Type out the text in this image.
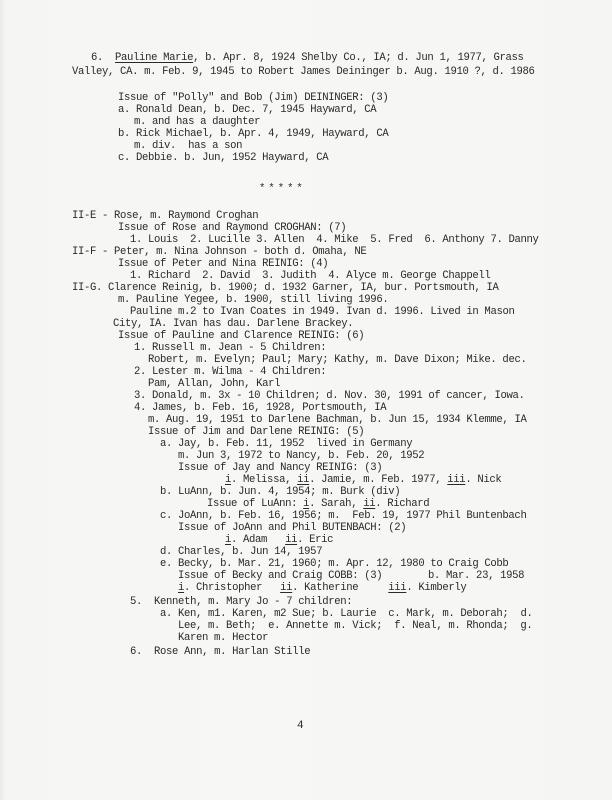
6. Pauline Marie, b. Apr. 8, 1924 Shelby Co., IA; d. Jun 1, 1977, Grass
Valley, CA. m. Feb. 9, 1945 to Robert James Deininger b. Aug. 1910 ?, d. 1986
Issue of "Polly" and Bob (Jim) DEININGER: (3)
a. Ronald Dean, b. Dec. 7, 1945 Hayward, CA
m. and has a daughter
b. Rick Michael, b. Apr. 4, 1949, Hayward, CA
m. div.  has a son
c. Debbie. b. Jun, 1952 Hayward, CA
*****
II-E - Rose, m. Raymond Croghan
Issue of Rose and Raymond CROGHAN: (7)
1. Louis  2. Lucille 3. Allen  4. Mike  5. Fred  6. Anthony 7. Danny
II-F - Peter, m. Nina Johnson - both d. Omaha, NE
Issue of Peter and Nina REINIG: (4)
1. Richard  2. David  3. Judith  4. Alyce m. George Chappell
II-G. Clarence Reinig, b. 1900; d. 1932 Garner, IA, bur. Portsmouth, IA
m. Pauline Yegee, b. 1900, still living 1996.
Pauline m.2 to Ivan Coates in 1949. Ivan d. 1996. Lived in Mason
City, IA. Ivan has dau. Darlene Brackey.
Issue of Pauline and Clarence REINIG: (6)
1. Russell m. Jean - 5 Children:
Robert, m. Evelyn; Paul; Mary; Kathy, m. Dave Dixon; Mike. dec.
2. Lester m. Wilma - 4 Children:
Pam, Allan, John, Karl
3. Donald, m. 3x - 10 Children; d. Nov. 30, 1991 of cancer, Iowa.
4. James, b. Feb. 16, 1928, Portsmouth, IA
m. Aug. 19, 1951 to Darlene Bachman, b. Jun 15, 1934 Klemme, IA
Issue of Jim and Darlene REINIG: (5)
a. Jay, b. Feb. 11, 1952  lived in Germany
m. Jun 3, 1972 to Nancy, b. Feb. 20, 1952
Issue of Jay and Nancy REINIG: (3)
i. Melissa, ii. Jamie, m. Feb. 1977, iii. Nick
b. LuAnn, b. Jun. 4, 1954; m. Burk (div)
Issue of LuAnn: i. Sarah, ii. Richard
c. JoAnn, b. Feb. 16, 1956; m.  Feb. 19, 1977 Phil Buntenbach
Issue of JoAnn and Phil BUTENBACH: (2)
i. Adam   ii. Eric
d. Charles, b. Jun 14, 1957
e. Becky, b. Mar. 21, 1960; m. Apr. 12, 1980 to Craig Cobb
Issue of Becky and Craig COBB: (3)	b. Mar. 23, 1958
i. Christopher   ii. Katherine     iii. Kimberly
5.  Kenneth, m. Mary Jo - 7 children:
a. Ken, m1. Karen, m2 Sue; b. Laurie  c. Mark, m. Deborah;  d.
Lee, m. Beth;  e. Annette m. Vick;  f. Neal, m. Rhonda;  g.
Karen m. Hector
6.  Rose Ann, m. Harlan Stille
4
